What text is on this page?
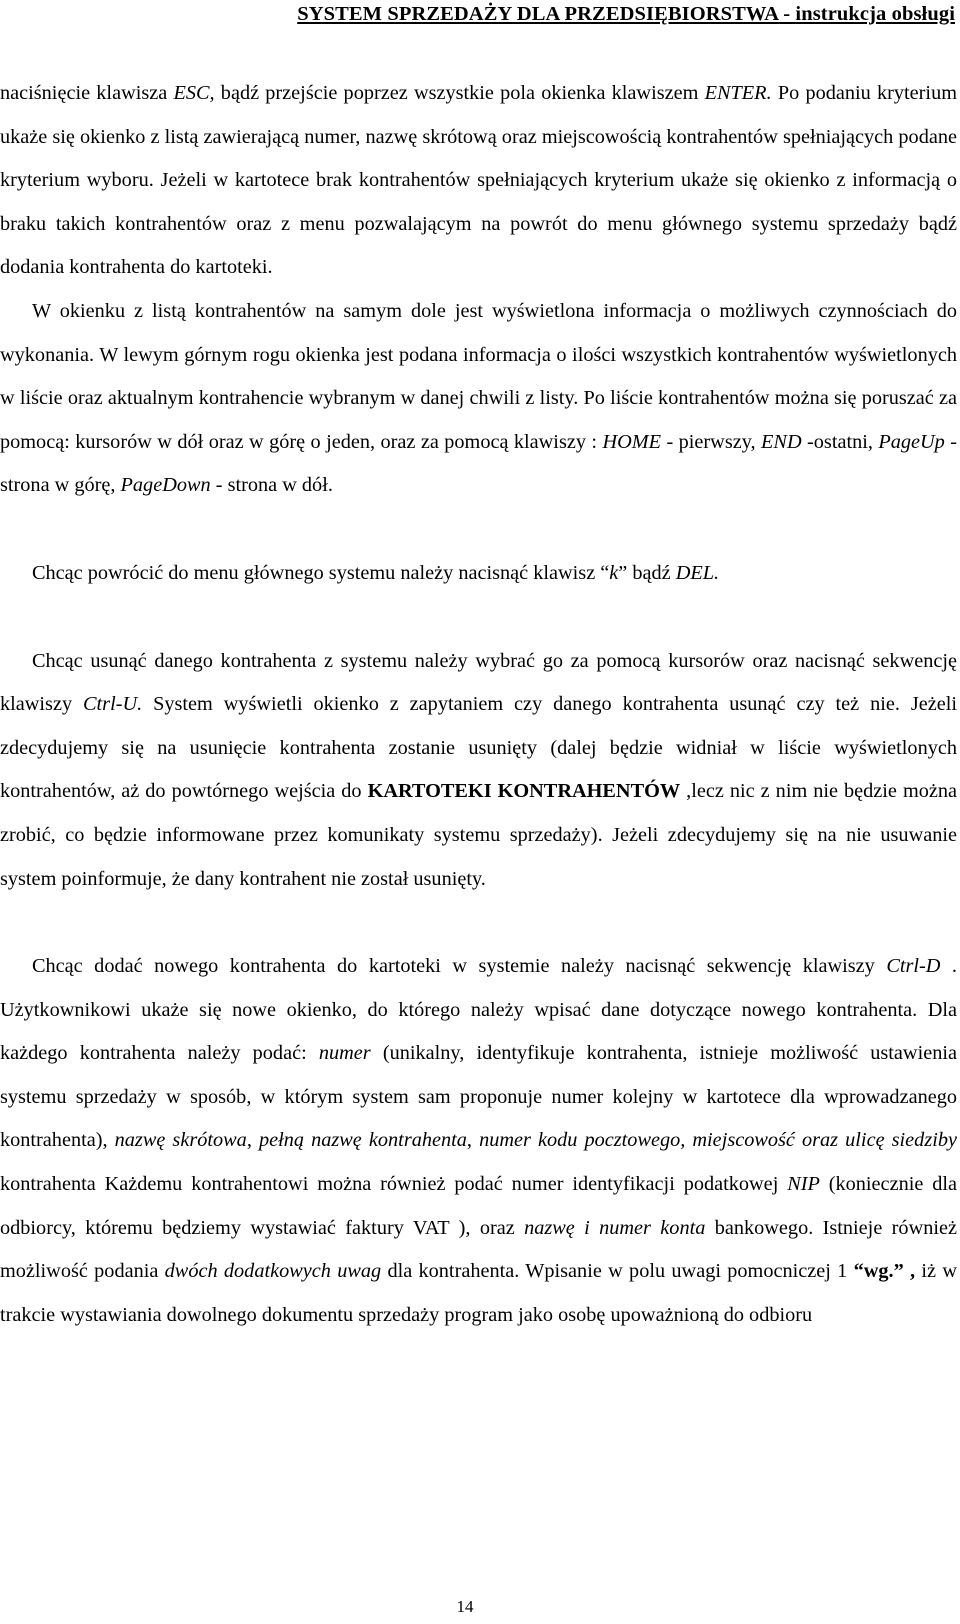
SYSTEM SPRZEDAŻY DLA PRZEDSIĘBIORSTWA - instrukcja obsługi

naciśnięcie klawisza ESC, bądź przejście poprzez wszystkie pola okienka klawiszem ENTER. Po podaniu kryterium ukaże się okienko z listą zawierającą numer, nazwę skrótową oraz miejscowością kontrahentów spełniających podane kryterium wyboru. Jeżeli w kartotece brak kontrahentów spełniających kryterium ukaże się okienko z informacją o braku takich kontrahentów oraz z menu pozwalającym na powrót do menu głównego systemu sprzedaży bądź dodania kontrahenta do kartoteki.

W okienku z listą kontrahentów na samym dole jest wyświetlona informacja o możliwych czynnościach do wykonania. W lewym górnym rogu okienka jest podana informacja o ilości wszystkich kontrahentów wyświetlonych w liście oraz aktualnym kontrahencie wybranym w danej chwili z listy. Po liście kontrahentów można się poruszać za pomocą: kursorów w dół oraz w górę o jeden, oraz za pomocą klawiszy : HOME - pierwszy, END -ostatni, PageUp -strona w górę, PageDown - strona w dół.

Chcąc powrócić do menu głównego systemu należy nacisnąć klawisz “k” bądź DEL.

Chcąc usunąć danego kontrahenta z systemu należy wybrać go za pomocą kursorów oraz nacisnąć sekwencję klawiszy Ctrl-U. System wyświetli okienko z zapytaniem czy danego kontrahenta usunąć czy też nie. Jeżeli zdecydujemy się na usunięcie kontrahenta zostanie usunięty (dalej będzie widniał w liście wyświetlonych kontrahentów, aż do powtórnego wejścia do KARTOTEKI KONTRAHENTÓW ,lecz nic z nim nie będzie można zrobić, co będzie informowane przez komunikaty systemu sprzedaży). Jeżeli zdecydujemy się na nie usuwanie system poinformuje, że dany kontrahent nie został usunięty.

Chcąc dodać nowego kontrahenta do kartoteki w systemie należy nacisnąć sekwencję klawiszy Ctrl-D . Użytkownikowi ukaże się nowe okienko, do którego należy wpisać dane dotyczące nowego kontrahenta. Dla każdego kontrahenta należy podać: numer (unikalny, identyfikuje kontrahenta, istnieje możliwość ustawienia systemu sprzedaży w sposób, w którym system sam proponuje numer kolejny w kartotece dla wprowadzanego kontrahenta), nazwę skrótowa, pełną nazwę kontrahenta, numer kodu pocztowego, miejscowość oraz ulicę siedziby kontrahenta Każdemu kontrahentowi można również podać numer identyfikacji podatkowej NIP (koniecznie dla odbiorcy, któremu będziemy wystawiać faktury VAT ), oraz nazwę i numer konta bankowego. Istnieje również możliwość podania dwóch dodatkowych uwag dla kontrahenta. Wpisanie w polu uwagi pomocniczej 1 “wg.” , iż w trakcie wystawiania dowolnego dokumentu sprzedaży program jako osobę upoważnioną do odbioru

14
